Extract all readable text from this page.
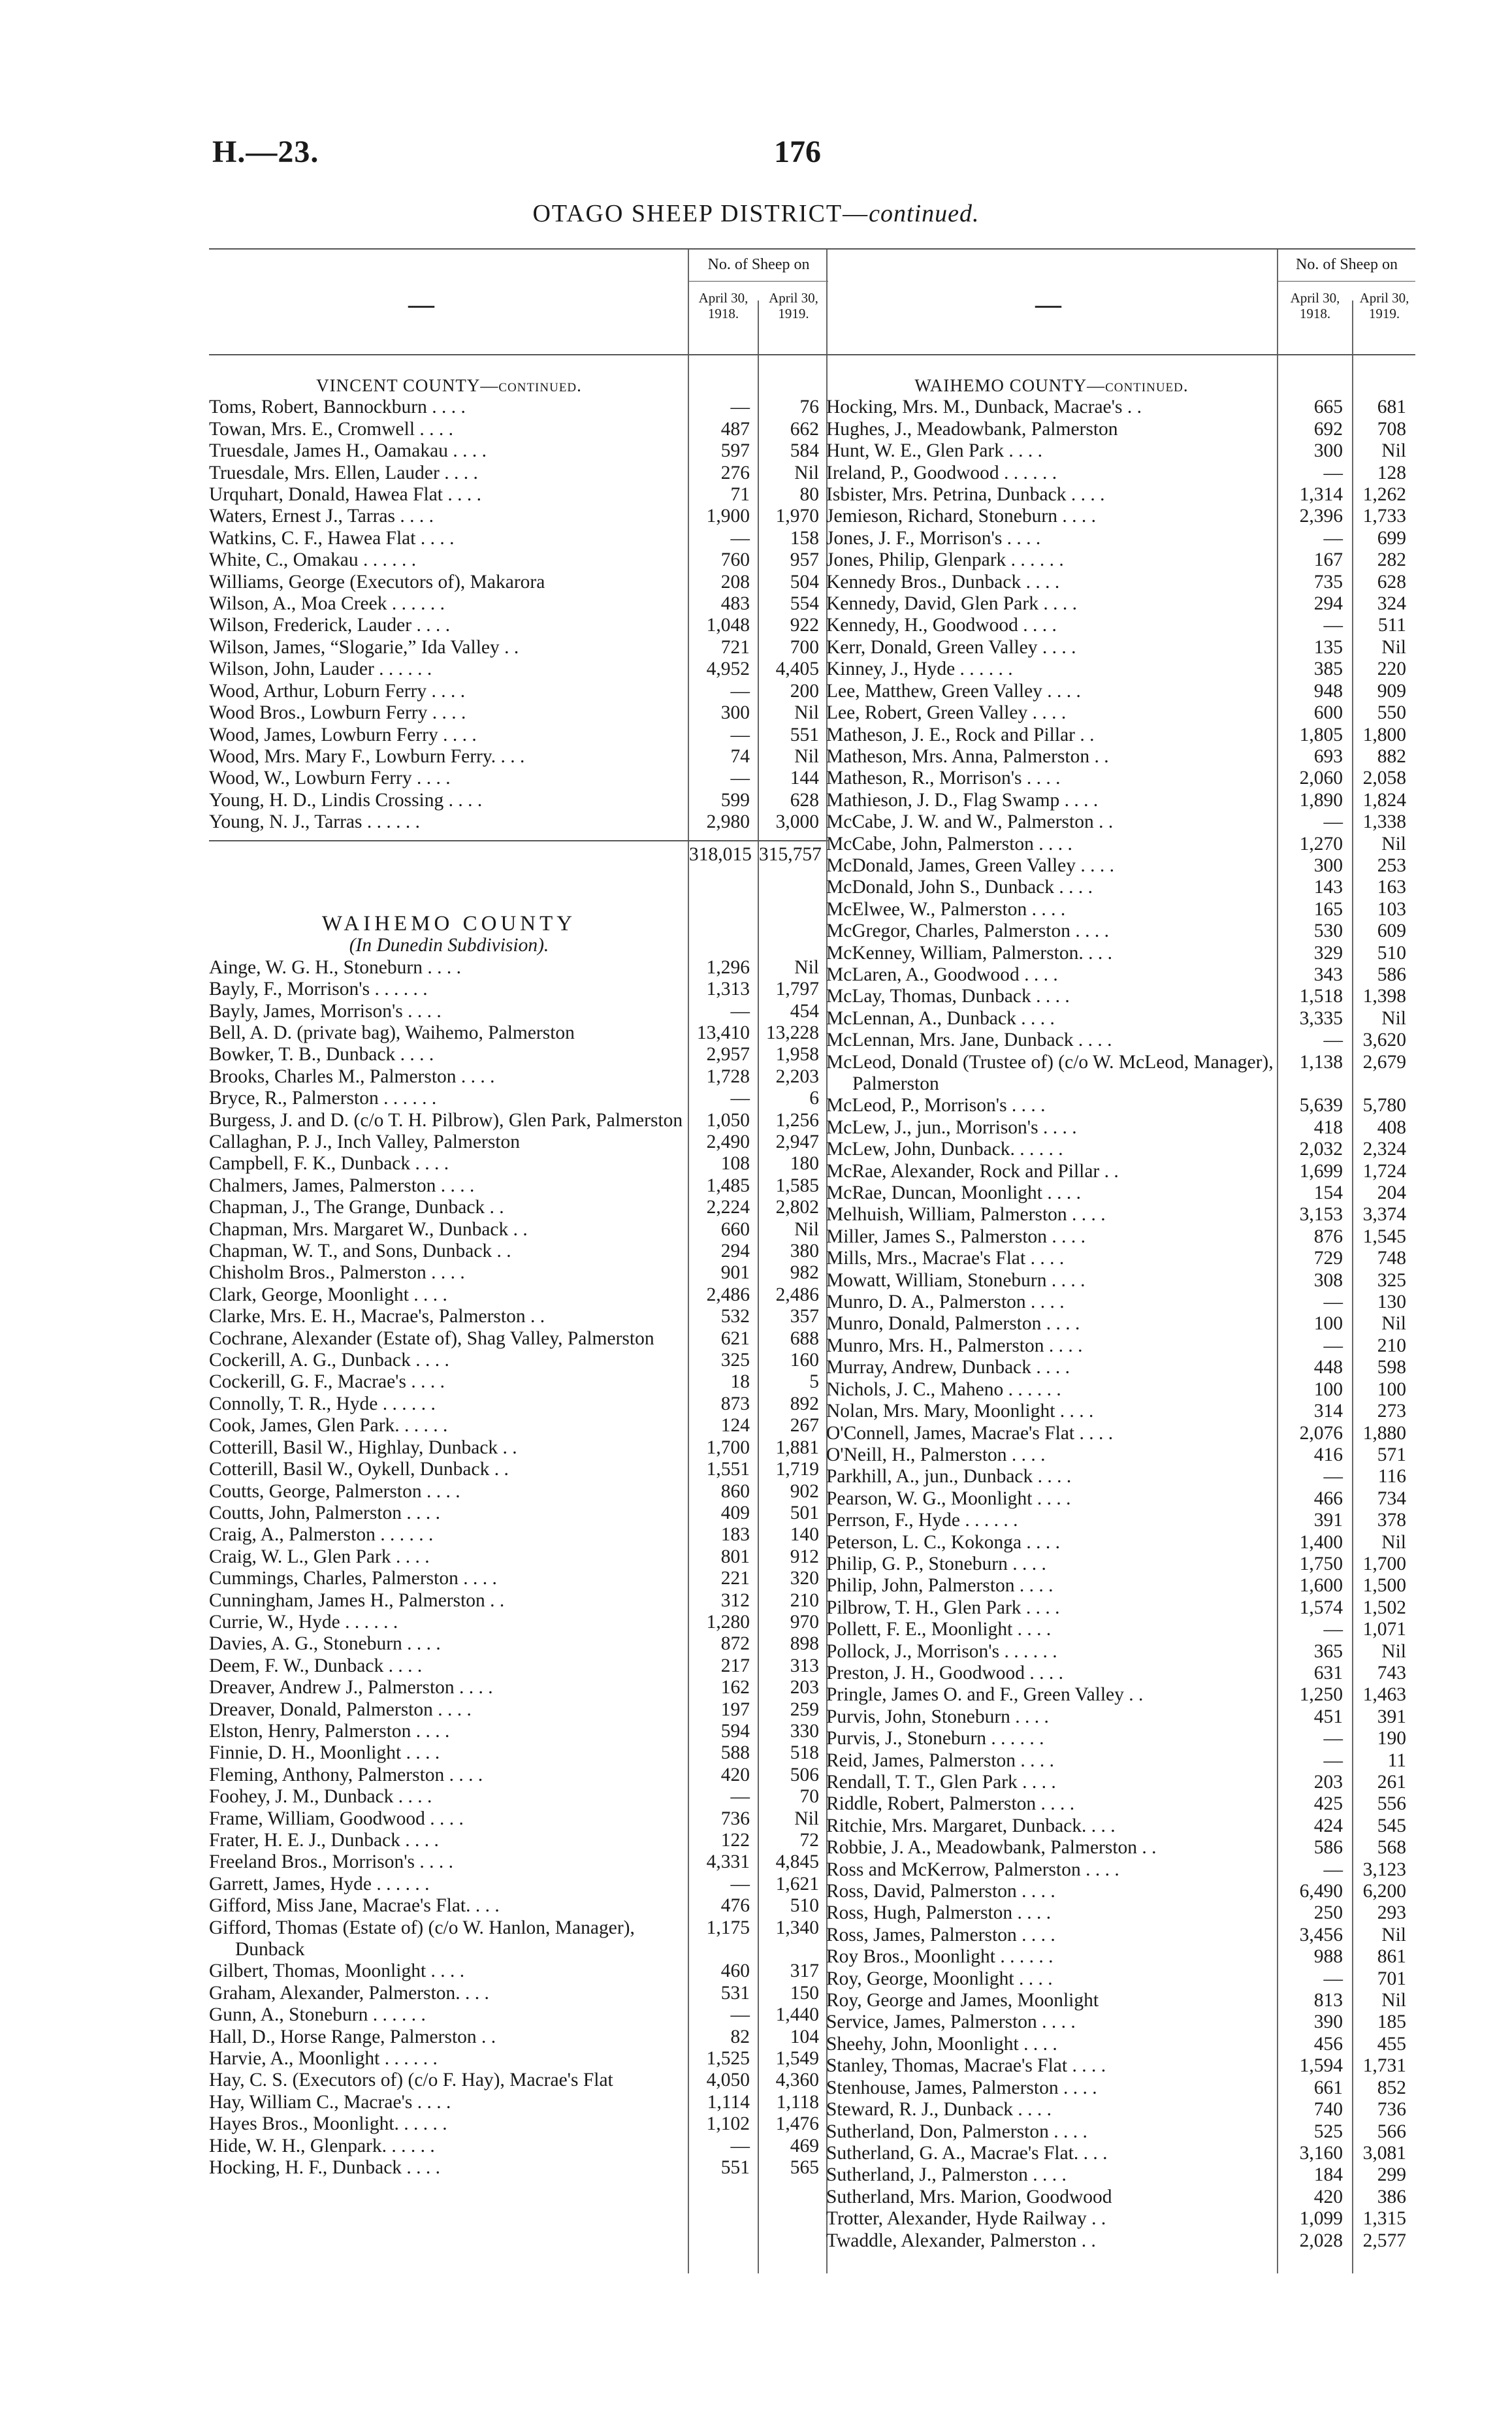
H.—23.	176
OTAGO SHEEP DISTRICT—continued.
—
No. of Sheep on
April 30, 1918.
April 30, 1919.
VINCENT COUNTY—continued.
Toms, Robert, Bannockburn . . . .	—	76
Towan, Mrs. E., Cromwell . . . .	487	662
Truesdale, James H., Oamakau . . . .	597	584
Truesdale, Mrs. Ellen, Lauder . . . .	276	Nil
Urquhart, Donald, Hawea Flat . . . .	71	80
Waters, Ernest J., Tarras . . . .	1,900	1,970
Watkins, C. F., Hawea Flat . . . .	—	158
White, C., Omakau . . . . . .	760	957
Williams, George (Executors of), Makarora	208	504
Wilson, A., Moa Creek . . . . . .	483	554
Wilson, Frederick, Lauder . . . .	1,048	922
Wilson, James, “Slogarie,” Ida Valley . .	721	700
Wilson, John, Lauder . . . . . .	4,952	4,405
Wood, Arthur, Loburn Ferry . . . .	—	200
Wood Bros., Lowburn Ferry . . . .	300	Nil
Wood, James, Lowburn Ferry . . . .	—	551
Wood, Mrs. Mary F., Lowburn Ferry. . . .	74	Nil
Wood, W., Lowburn Ferry . . . .	—	144
Young, H. D., Lindis Crossing . . . .	599	628
Young, N. J., Tarras . . . . . .	2,980	3,000
318,015 315,757
WAIHEMO COUNTY
(In Dunedin Subdivision).
Ainge, W. G. H., Stoneburn . . . .	1,296	Nil
Bayly, F., Morrison's . . . . . .	1,313	1,797
Bayly, James, Morrison's . . . .	—	454
Bell, A. D. (private bag), Waihemo, Palmerston	13,410 13,228
Bowker, T. B., Dunback . . . .	2,957	1,958
Brooks, Charles M., Palmerston . . . .	1,728	2,203
Bryce, R., Palmerston . . . . . .	—	6
Burgess, J. and D. (c/o T. H. Pilbrow), Glen Park, Palmerston	1,050	1,256
Callaghan, P. J., Inch Valley, Palmerston	2,490	2,947
Campbell, F. K., Dunback . . . .	108	180
Chalmers, James, Palmerston . . . .	1,485	1,585
Chapman, J., The Grange, Dunback . .	2,224	2,802
Chapman, Mrs. Margaret W., Dunback . .	660	Nil
Chapman, W. T., and Sons, Dunback . .	294	380
Chisholm Bros., Palmerston . . . .	901	982
Clark, George, Moonlight . . . .	2,486	2,486
Clarke, Mrs. E. H., Macrae's, Palmerston . .	532	357
Cochrane, Alexander (Estate of), Shag Valley, Palmerston	621	688
Cockerill, A. G., Dunback . . . .	325	160
Cockerill, G. F., Macrae's . . . .	18	5
Connolly, T. R., Hyde . . . . . .	873	892
Cook, James, Glen Park. . . . . .	124	267
Cotterill, Basil W., Highlay, Dunback . .	1,700	1,881
Cotterill, Basil W., Oykell, Dunback . .	1,551	1,719
Coutts, George, Palmerston . . . .	860	902
Coutts, John, Palmerston . . . .	409	501
Craig, A., Palmerston . . . . . .	183	140
Craig, W. L., Glen Park . . . .	801	912
Cummings, Charles, Palmerston . . . .	221	320
Cunningham, James H., Palmerston . .	312	210
Currie, W., Hyde . . . . . .	1,280	970
Davies, A. G., Stoneburn . . . .	872	898
Deem, F. W., Dunback . . . .	217	313
Dreaver, Andrew J., Palmerston . . . .	162	203
Dreaver, Donald, Palmerston . . . .	197	259
Elston, Henry, Palmerston . . . .	594	330
Finnie, D. H., Moonlight . . . .	588	518
Fleming, Anthony, Palmerston . . . .	420	506
Foohey, J. M., Dunback . . . .	—	70
Frame, William, Goodwood . . . .	736	Nil
Frater, H. E. J., Dunback . . . .	122	72
Freeland Bros., Morrison's . . . .	4,331	4,845
Garrett, James, Hyde . . . . . .	—	1,621
Gifford, Miss Jane, Macrae's Flat. . . .	476	510
Gifford, Thomas (Estate of) (c/o W. Hanlon, Manager), Dunback
1,175	1,340
Gilbert, Thomas, Moonlight . . . .	460	317
Graham, Alexander, Palmerston. . . .	531	150
Gunn, A., Stoneburn . . . . . .	—	1,440
Hall, D., Horse Range, Palmerston . .	82	104
Harvie, A., Moonlight . . . . . .	1,525	1,549
Hay, C. S. (Executors of) (c/o F. Hay), Macrae's Flat	4,050	4,360
Hay, William C., Macrae's . . . .	1,114	1,118
Hayes Bros., Moonlight. . . . . .	1,102	1,476
Hide, W. H., Glenpark. . . . . .	—	469
Hocking, H. F., Dunback . . . .	551	565
—
No. of Sheep on
April 30, 1918.
April 30, 1919.
WAIHEMO COUNTY—continued.
Hocking, Mrs. M., Dunback, Macrae's . .	665	681
Hughes, J., Meadowbank, Palmerston	692	708
Hunt, W. E., Glen Park . . . .	300	Nil
Ireland, P., Goodwood . . . . . .	—	128
Isbister, Mrs. Petrina, Dunback . . . .	1,314	1,262
Jemieson, Richard, Stoneburn . . . .	2,396	1,733
Jones, J. F., Morrison's . . . .	—	699
Jones, Philip, Glenpark . . . . . .	167	282
Kennedy Bros., Dunback . . . .	735	628
Kennedy, David, Glen Park . . . .	294	324
Kennedy, H., Goodwood . . . .	—	511
Kerr, Donald, Green Valley . . . .	135	Nil
Kinney, J., Hyde . . . . . .	385	220
Lee, Matthew, Green Valley . . . .	948	909
Lee, Robert, Green Valley . . . .	600	550
Matheson, J. E., Rock and Pillar . .	1,805	1,800
Matheson, Mrs. Anna, Palmerston . .	693	882
Matheson, R., Morrison's . . . .	2,060	2,058
Mathieson, J. D., Flag Swamp . . . .	1,890	1,824
McCabe, J. W. and W., Palmerston . .	—	1,338
McCabe, John, Palmerston . . . .	1,270	Nil
McDonald, James, Green Valley . . . .	300	253
McDonald, John S., Dunback . . . .	143	163
McElwee, W., Palmerston . . . .	165	103
McGregor, Charles, Palmerston . . . .	530	609
McKenney, William, Palmerston. . . .	329	510
McLaren, A., Goodwood . . . .	343	586
McLay, Thomas, Dunback . . . .	1,518	1,398
McLennan, A., Dunback . . . .	3,335	Nil
McLennan, Mrs. Jane, Dunback . . . .	—	3,620
McLeod, Donald (Trustee of) (c/o W. McLeod, Manager), Palmerston
1,138	2,679
McLeod, P., Morrison's . . . .	5,639	5,780
McLew, J., jun., Morrison's . . . .	418	408
McLew, John, Dunback. . . . . .	2,032	2,324
McRae, Alexander, Rock and Pillar . .	1,699	1,724
McRae, Duncan, Moonlight . . . .	154	204
Melhuish, William, Palmerston . . . .	3,153	3,374
Miller, James S., Palmerston . . . .	876	1,545
Mills, Mrs., Macrae's Flat . . . .	729	748
Mowatt, William, Stoneburn . . . .	308	325
Munro, D. A., Palmerston . . . .	—	130
Munro, Donald, Palmerston . . . .	100	Nil
Munro, Mrs. H., Palmerston . . . .	—	210
Murray, Andrew, Dunback . . . .	448	598
Nichols, J. C., Maheno . . . . . .	100	100
Nolan, Mrs. Mary, Moonlight . . . .	314	273
O'Connell, James, Macrae's Flat . . . .	2,076	1,880
O'Neill, H., Palmerston . . . .	416	571
Parkhill, A., jun., Dunback . . . .	—	116
Pearson, W. G., Moonlight . . . .	466	734
Perrson, F., Hyde . . . . . .	391	378
Peterson, L. C., Kokonga . . . .	1,400	Nil
Philip, G. P., Stoneburn . . . .	1,750	1,700
Philip, John, Palmerston . . . .	1,600	1,500
Pilbrow, T. H., Glen Park . . . .	1,574	1,502
Pollett, F. E., Moonlight . . . .	—	1,071
Pollock, J., Morrison's . . . . . .	365	Nil
Preston, J. H., Goodwood . . . .	631	743
Pringle, James O. and F., Green Valley . .	1,250	1,463
Purvis, John, Stoneburn . . . .	451	391
Purvis, J., Stoneburn . . . . . .	—	190
Reid, James, Palmerston . . . .	—	11
Rendall, T. T., Glen Park . . . .	203	261
Riddle, Robert, Palmerston . . . .	425	556
Ritchie, Mrs. Margaret, Dunback. . . .	424	545
Robbie, J. A., Meadowbank, Palmerston . .	586	568
Ross and McKerrow, Palmerston . . . .	—	3,123
Ross, David, Palmerston . . . .	6,490	6,200
Ross, Hugh, Palmerston . . . .	250	293
Ross, James, Palmerston . . . .	3,456	Nil
Roy Bros., Moonlight . . . . . .	988	861
Roy, George, Moonlight . . . .	—	701
Roy, George and James, Moonlight	813	Nil
Service, James, Palmerston . . . .	390	185
Sheehy, John, Moonlight . . . .	456	455
Stanley, Thomas, Macrae's Flat . . . .	1,594	1,731
Stenhouse, James, Palmerston . . . .	661	852
Steward, R. J., Dunback . . . .	740	736
Sutherland, Don, Palmerston . . . .	525	566
Sutherland, G. A., Macrae's Flat. . . .	3,160	3,081
Sutherland, J., Palmerston . . . .	184	299
Sutherland, Mrs. Marion, Goodwood	420	386
Trotter, Alexander, Hyde Railway . .	1,099	1,315
Twaddle, Alexander, Palmerston . .	2,028	2,577
